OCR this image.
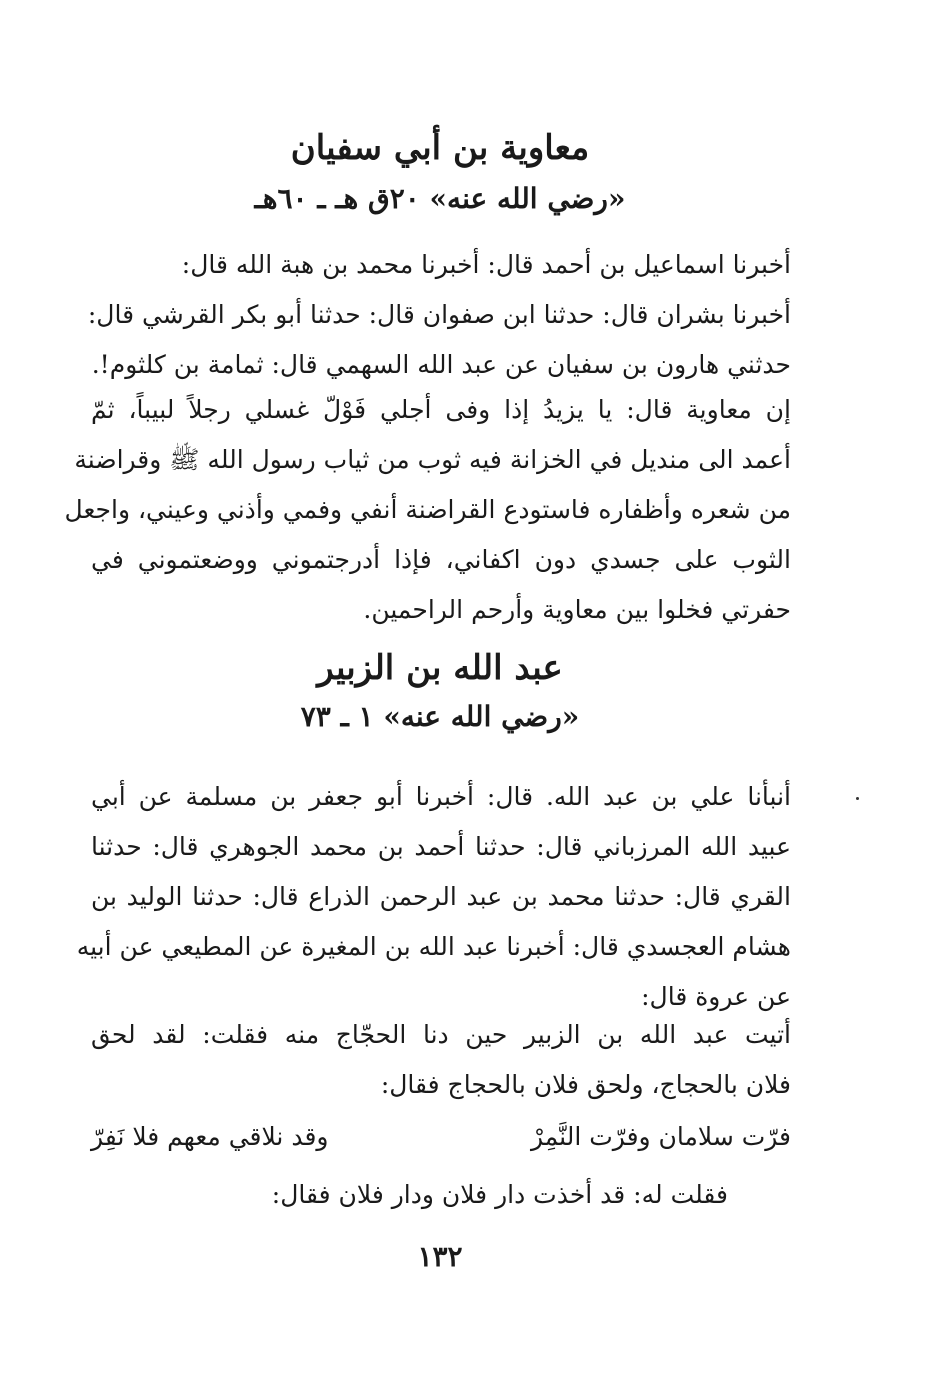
معاوية بن أبي سفيان
«رضي الله عنه» ٢٠ق هـ ـ ٦٠هـ

أخبرنا اسماعيل بن أحمد قال: أخبرنا محمد بن هبة الله قال:
أخبرنا بشران قال: حدثنا ابن صفوان قال: حدثنا أبو بكر القرشي قال:
حدثني هارون بن سفيان عن عبد الله السهمي قال: ثمامة بن كلثوم!.

إن معاوية قال: يا يزيدُ إذا وفى أجلي فَوْلّ غسلي رجلاً لبيباً، ثمّ
أعمد الى منديل في الخزانة فيه ثوب من ثياب رسول الله ﷺ وقراضنة
من شعره وأظفاره فاستودع القراضنة أنفي وفمي وأذني وعيني، واجعل
الثوب على جسدي دون اكفاني، فإذا أدرجتموني ووضعتموني في
حفرتي فخلوا بين معاوية وأرحم الراحمين.

عبد الله بن الزبير
«رضي الله عنه» ١ ـ ٧٣

أنبأنا علي بن عبد الله. قال: أخبرنا أبو جعفر بن مسلمة عن أبي
عبيد الله المرزباني قال: حدثنا أحمد بن محمد الجوهري قال: حدثنا
القري قال: حدثنا محمد بن عبد الرحمن الذراع قال: حدثنا الوليد بن
هشام العجسدي قال: أخبرنا عبد الله بن المغيرة عن المطيعي عن أبيه
عن عروة قال:

أتيت عبد الله بن الزبير حين دنا الحجّاج منه فقلت: لقد لحق
فلان بالحجاج، ولحق فلان بالحجاج فقال:

فرّت سلامان وفرّت النَّمِرْ
وقد نلاقي معهم فلا نَفِرّ
فقلت له: قد أخذت دار فلان ودار فلان فقال:
١٣٢
